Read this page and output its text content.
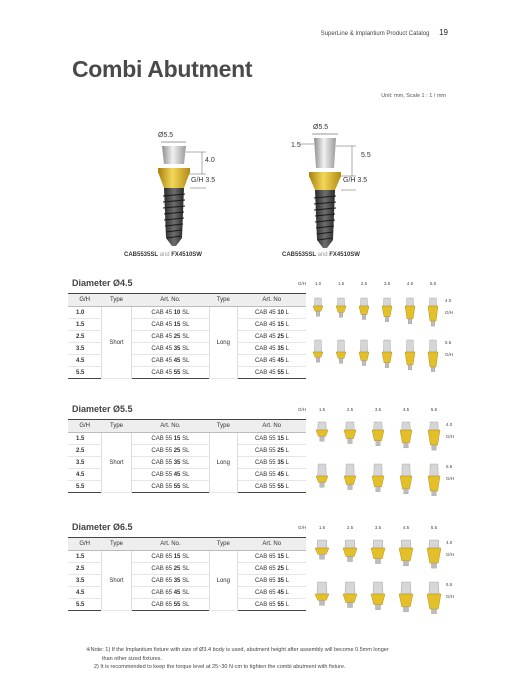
SuperLine & Implantium Product Catalog 19
Combi Abutment
Unit: mm, Scale 1 : 1 / mm
Ø5.5
4.0
G/H 3.5
CAB5535SL and FX4510SW
Ø5.5
1.5
5.5
G/H 3.5
CAB5535SL and FX4510SW
Diameter Ø4.5
G/H	Type	Art. No.	Type	Art. No
1.0	Short	CAB 45 10 SL	Long	CAB 45 10 L
1.5		CAB 45 15 SL		CAB 45 15 L
2.5		CAB 45 25 SL		CAB 45 25 L
3.5		CAB 45 35 SL		CAB 45 35 L
4.5		CAB 45 45 SL		CAB 45 45 L
5.5		CAB 45 55 SL		CAB 45 55 L
Diameter Ø5.5
G/H	Type	Art. No.	Type	Art. No
1.5	Short	CAB 55 15 SL	Long	CAB 55 15 L
2.5		CAB 55 25 SL		CAB 55 25 L
3.5		CAB 55 35 SL		CAB 55 35 L
4.5		CAB 55 45 SL		CAB 55 45 L
5.5		CAB 55 55 SL		CAB 55 55 L
Diameter Ø6.5
G/H	Type	Art. No.	Type	Art. No
1.5	Short	CAB 65 15 SL	Long	CAB 65 15 L
2.5		CAB 65 25 SL		CAB 65 25 L
3.5		CAB 65 35 SL		CAB 65 35 L
4.5		CAB 65 45 SL		CAB 65 45 L
5.5		CAB 65 55 SL		CAB 65 55 L
※Note: 1) If the Implantium fixture with size of Ø3.4 body is used, abutment height after assembly will become 0.5mm longer
than other sized fixtures.
2) It is recommended to keep the torque level at 25~30 N·cm to tighten the combi abutment with fixture.
G/H	1.0	1.5	2.5	3.5	4.5	5.5
4.0
G/H
5.5
G/H
G/H	1.5	2.5	3.5	4.5	5.5
4.0
G/H
5.5
G/H
G/H	1.5	2.5	3.5	4.5	5.5
4.0
G/H
5.5
G/H
